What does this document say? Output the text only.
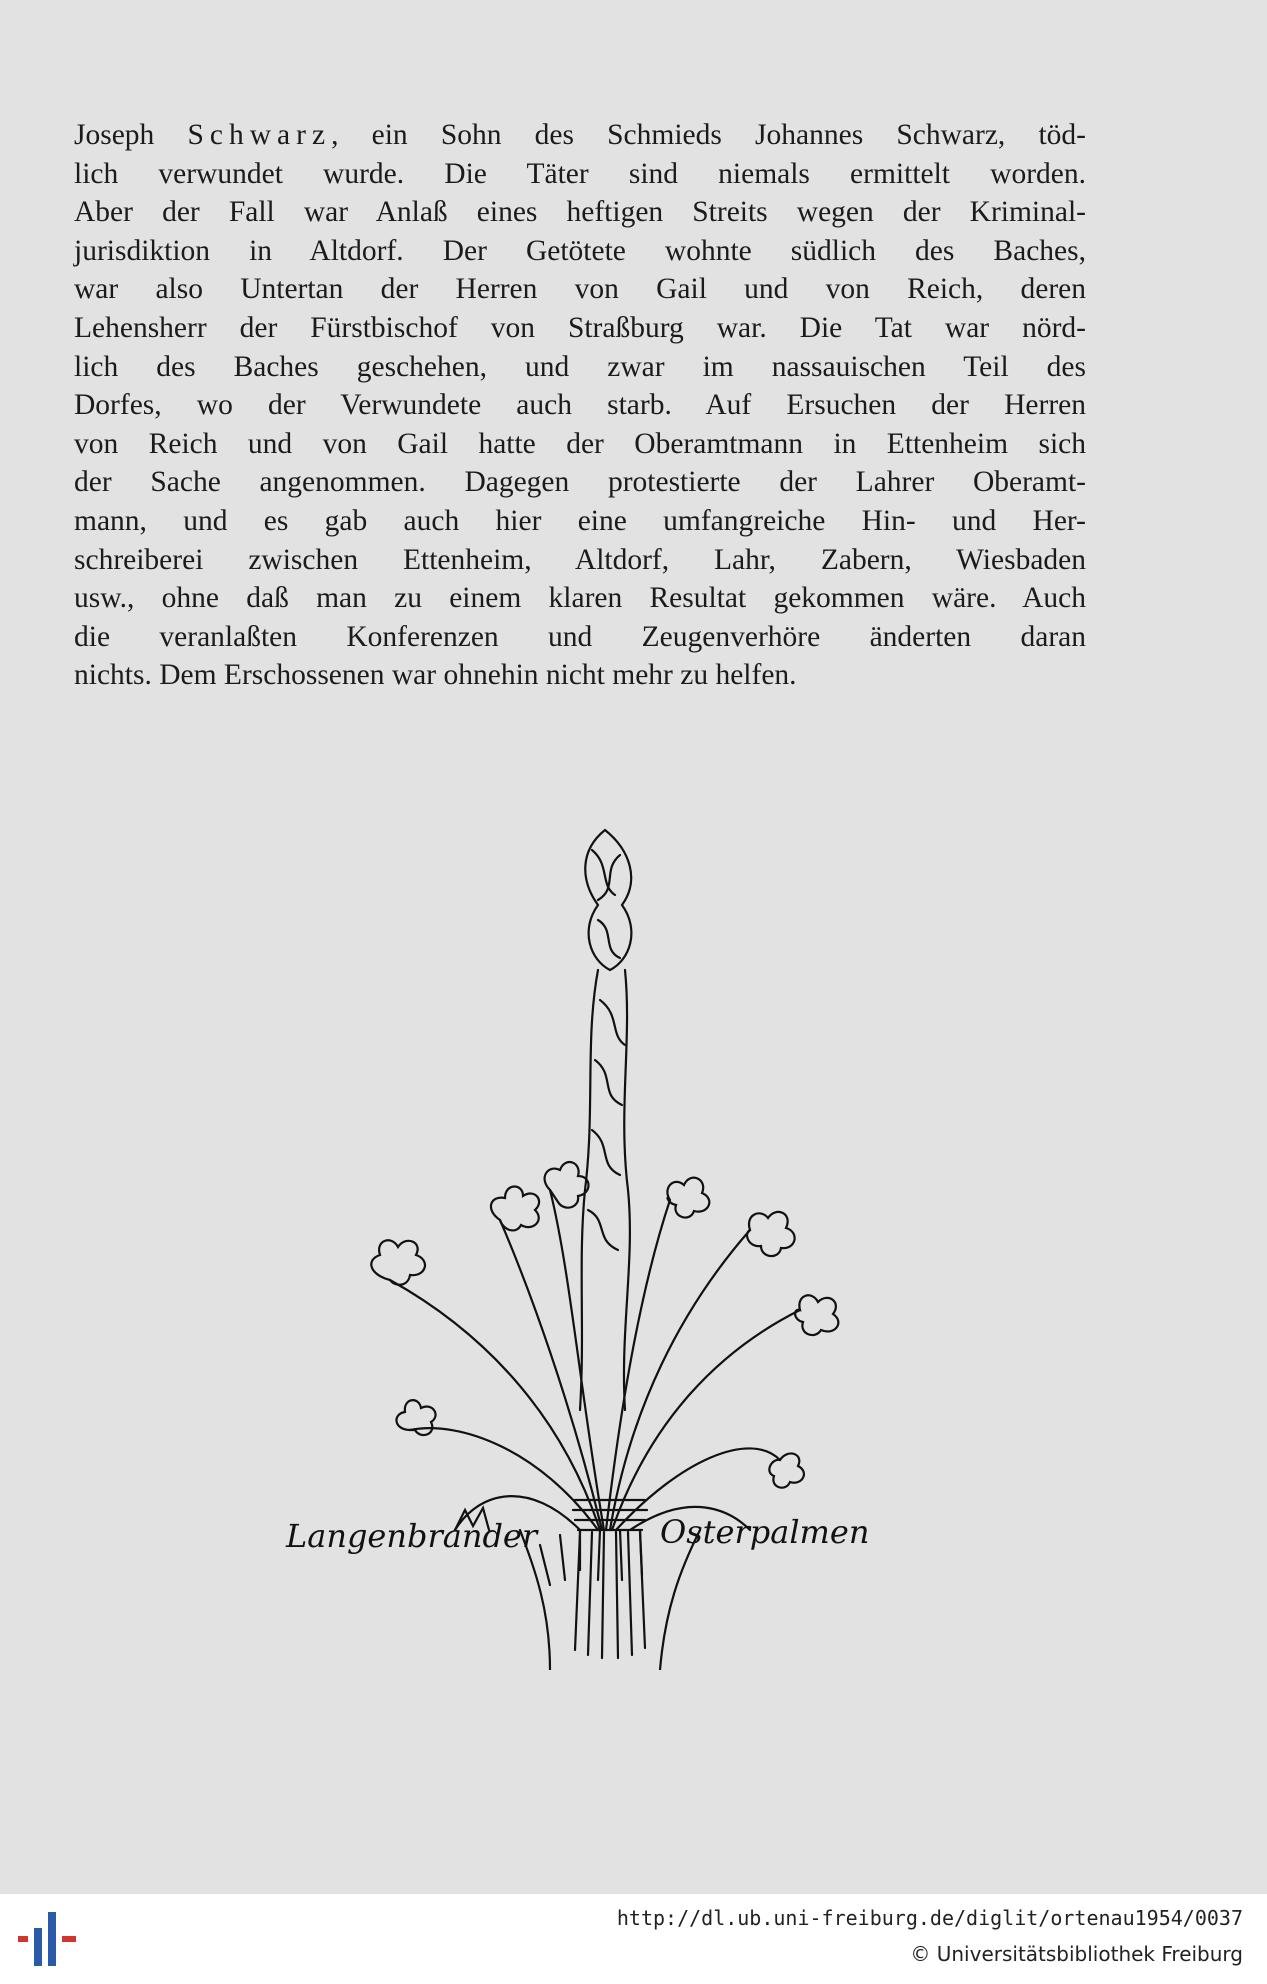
Joseph Schwarz, ein Sohn des Schmieds Johannes Schwarz, töd-
lich verwundet wurde. Die Täter sind niemals ermittelt worden.
Aber der Fall war Anlaß eines heftigen Streits wegen der Kriminal-
jurisdiktion in Altdorf. Der Getötete wohnte südlich des Baches,
war also Untertan der Herren von Gail und von Reich, deren
Lehensherr der Fürstbischof von Straßburg war. Die Tat war nörd-
lich des Baches geschehen, und zwar im nassauischen Teil des
Dorfes, wo der Verwundete auch starb. Auf Ersuchen der Herren
von Reich und von Gail hatte der Oberamtmann in Ettenheim sich
der Sache angenommen. Dagegen protestierte der Lahrer Oberamt-
mann, und es gab auch hier eine umfangreiche Hin- und Her-
schreiberei zwischen Ettenheim, Altdorf, Lahr, Zabern, Wiesbaden
usw., ohne daß man zu einem klaren Resultat gekommen wäre. Auch
die veranlaßten Konferenzen und Zeugenverhöre änderten daran
nichts. Dem Erschossenen war ohnehin nicht mehr zu helfen.
Langenbrander	Osterpalmen
http://dl.ub.uni-freiburg.de/diglit/ortenau1954/0037
© Universitätsbibliothek Freiburg
